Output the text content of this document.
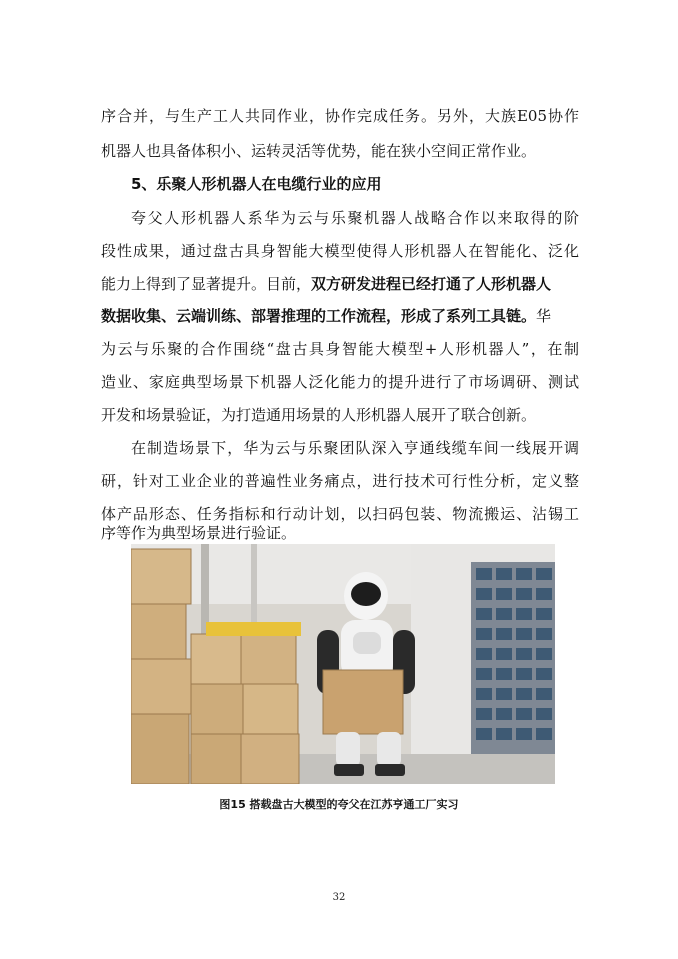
序合并，与生产工人共同作业，协作完成任务。另外，大族E05协作
机器人也具备体积小、运转灵活等优势，能在狭小空间正常作业。
5、乐聚人形机器人在电缆行业的应用
夸父人形机器人系华为云与乐聚机器人战略合作以来取得的阶
段性成果，通过盘古具身智能大模型使得人形机器人在智能化、泛化
能力上得到了显著提升。目前，双方研发进程已经打通了人形机器人
数据收集、云端训练、部署推理的工作流程，形成了系列工具链。华
为云与乐聚的合作围绕“盘古具身智能大模型+人形机器人”，在制
造业、家庭典型场景下机器人泛化能力的提升进行了市场调研、测试
开发和场景验证，为打造通用场景的人形机器人展开了联合创新。
在制造场景下，华为云与乐聚团队深入亨通线缆车间一线展开调
研，针对工业企业的普遍性业务痛点，进行技术可行性分析，定义整
体产品形态、任务指标和行动计划，以扫码包装、物流搬运、沾锡工
序等作为典型场景进行验证。
图15 搭载盘古大模型的夸父在江苏亨通工厂实习
32
